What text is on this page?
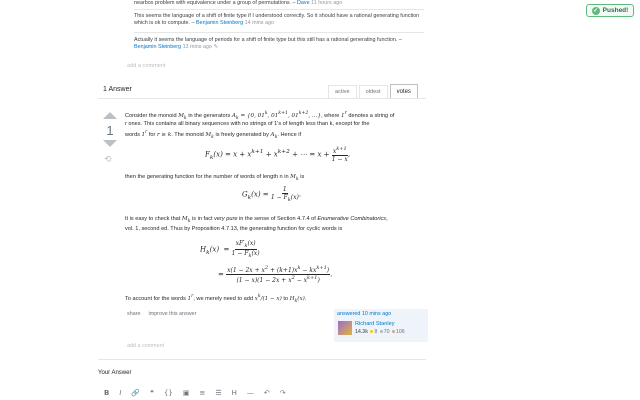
nearbox problem with equivalence under a group of permutations. – Dave 11 hours ago
This seems the language of a shift of finite type if I understood correctly. So it should have a rational generating function which is ok to compute. – Benjamin Steinberg 14 mins ago
Actually it seems the language of periods for a shift of finite type but this still has a rational generating function. – Benjamin Steinberg 13 mins ago ✎
add a comment
✓ Pushed!
1 Answer	active	oldest	votes
1
⟲
Consider the monoid $M_k$ in the generators $A_k = \{0$, 01$^k$, $01^{k+1}$, $01^{k+2}$, …}, where 1$^r$ denotes a string of
r ones. This contains all binary sequences with no strings of 1's of length less than k, except for the
words 1$^r$ for r ≥ k. The monoid $M_k$ is freely generated by $A_k$. Hence if
$F_k(x) = x + x^{k+1} + x^{k+2}$ + ⋯ = $x + \frac{x^{k+1}}{1 - x}$ ,
then the generating function for the number of words of length n in $M_k$ is
$G_k(x) = \frac{1}{1 - F_k(x)}$ .
It is easy to check that $M_k$ is in fact very pure in the sense of Section 4.7.4 of Enumerative Combinatorics,
vol. 1, second ed. Thus by Proposition 4.7.13, the generating function for cyclic words is
$H_k(x) = \frac{xF'_k(x)}{1 - F_k(x)}$
= $\frac{x(1 - 2x + x^2 + (k+1)x^k - kx^{k+1})}{(1 - x)(1 - 2x + x^2 - x^{k+1})}$ .
To account for the words 1$^r$, we merely need to add $x^k/(1 - x)$ to $H_k(x)$.
share improve this answer	answered 10 mins ago
Richard Stanley
14.3k 8 70 106
add a comment
Your Answer
B I 🔗 ❝ {} ▣ ≡ ☰ H — ↶ ↷
